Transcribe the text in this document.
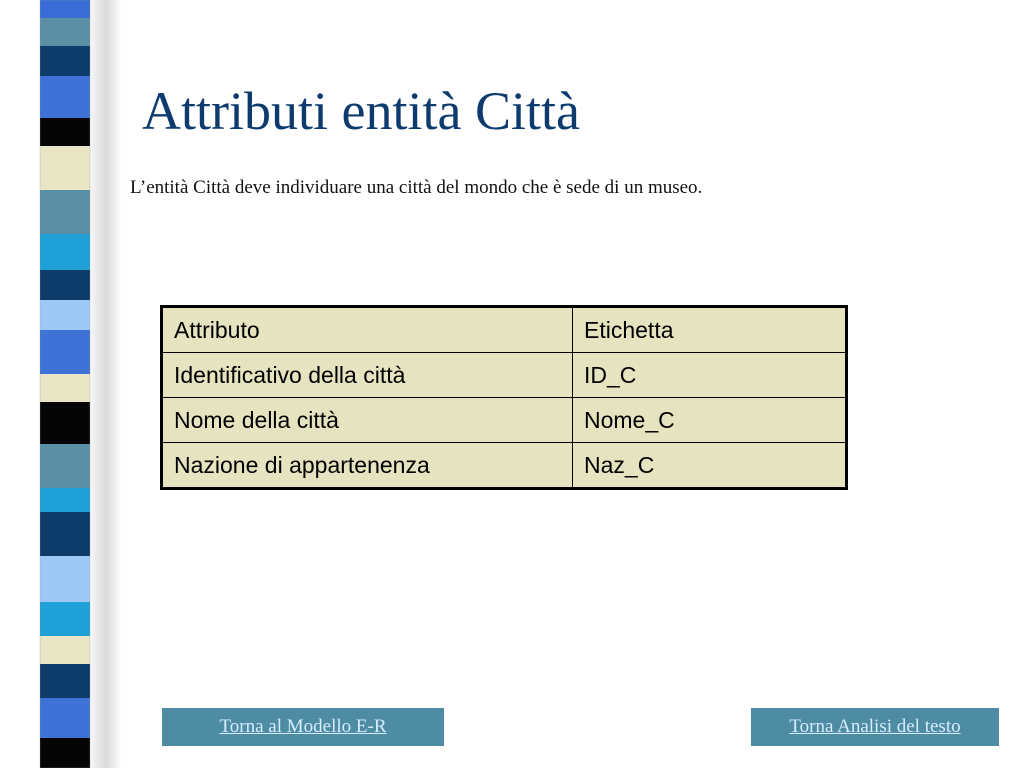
Attributi entità Città

L’entità Città deve individuare una città del mondo che è sede di un museo.

Attributo	Etichetta
Identificativo della città	ID_C
Nome della città	Nome_C
Nazione di appartenenza	Naz_C
Torna al Modello E-R	Torna Analisi del testo
